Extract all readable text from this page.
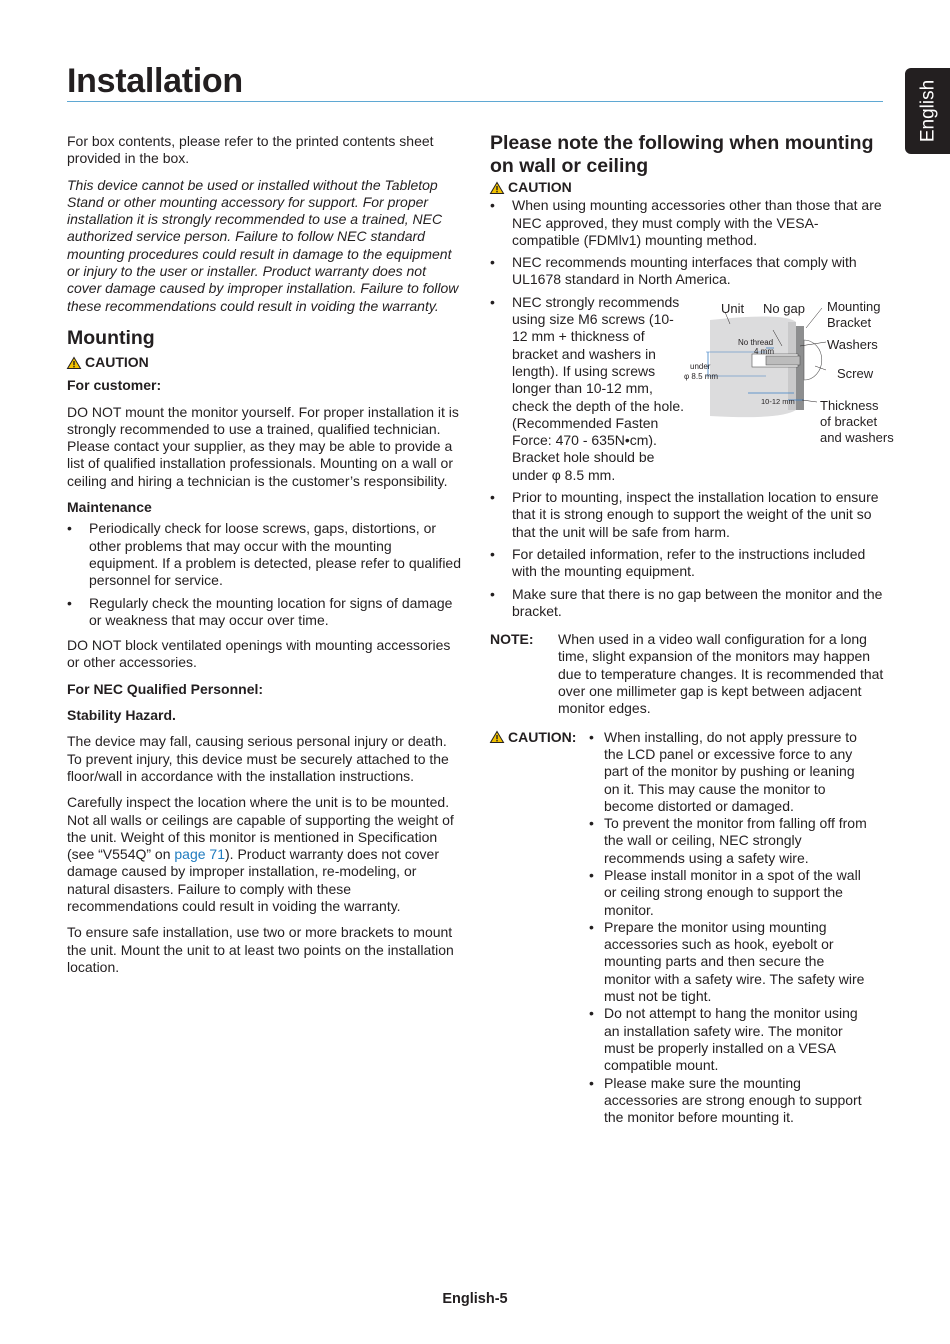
Installation	English

For box contents, please refer to the printed contents sheet provided in the box.

This device cannot be used or installed without the Tabletop Stand or other mounting accessory for support. For proper installation it is strongly recommended to use a trained, NEC authorized service person. Failure to follow NEC standard mounting procedures could result in damage to the equipment or injury to the user or installer. Product warranty does not cover damage caused by improper installation. Failure to follow these recommendations could result in voiding the warranty.

Mounting
CAUTION

For customer:

DO NOT mount the monitor yourself. For proper installation it is strongly recommended to use a trained, qualified technician. Please contact your supplier, as they may be able to provide a list of qualified installation professionals. Mounting on a wall or ceiling and hiring a technician is the customer’s responsibility.

Maintenance

• Periodically check for loose screws, gaps, distortions, or other problems that may occur with the mounting equipment. If a problem is detected, please refer to qualified personnel for service.
• Regularly check the mounting location for signs of damage or weakness that may occur over time.

DO NOT block ventilated openings with mounting accessories or other accessories.

For NEC Qualified Personnel:

Stability Hazard.

The device may fall, causing serious personal injury or death. To prevent injury, this device must be securely attached to the floor/wall in accordance with the installation instructions.

Carefully inspect the location where the unit is to be mounted. Not all walls or ceilings are capable of supporting the weight of the unit. Weight of this monitor is mentioned in Specification (see “V554Q” on page 71). Product warranty does not cover damage caused by improper installation, re-modeling, or natural disasters. Failure to comply with these recommendations could result in voiding the warranty.

To ensure safe installation, use two or more brackets to mount the unit. Mount the unit to at least two points on the installation location.

Please note the following when mounting on wall or ceiling
CAUTION
• When using mounting accessories other than those that are NEC approved, they must comply with the VESA-compatible (FDMlv1) mounting method.
• NEC recommends mounting interfaces that comply with UL1678 standard in North America.
• NEC strongly recommends using size M6 screws (10-12 mm + thickness of bracket and washers in length). If using screws longer than 10-12 mm, check the depth of the hole. (Recommended Fasten Force: 470 - 635N•cm). Bracket hole should be under φ 8.5 mm.
Unit No gap Mounting
Bracket
Washers
Screw
Thickness
of bracket
and washers
No thread
4 mm
under
φ 8.5 mm
10-12 mm
• Prior to mounting, inspect the installation location to ensure that it is strong enough to support the weight of the unit so that the unit will be safe from harm.
• For detailed information, refer to the instructions included with the mounting equipment.
• Make sure that there is no gap between the monitor and the bracket.
NOTE:	When used in a video wall configuration for a long time, slight expansion of the monitors may happen due to temperature changes. It is recommended that over one millimeter gap is kept between adjacent monitor edges.
CAUTION:
•	When installing, do not apply pressure to the LCD panel or excessive force to any part of the monitor by pushing or leaning on it. This may cause the monitor to become distorted or damaged.
• To prevent the monitor from falling off from the wall or ceiling, NEC strongly recommends using a safety wire.
• Please install monitor in a spot of the wall or ceiling strong enough to support the monitor.
• Prepare the monitor using mounting accessories such as hook, eyebolt or mounting parts and then secure the monitor with a safety wire. The safety wire must not be tight.
• Do not attempt to hang the monitor using an installation safety wire. The monitor must be properly installed on a VESA compatible mount.
• Please make sure the mounting accessories are strong enough to support the monitor before mounting it.
English-5
